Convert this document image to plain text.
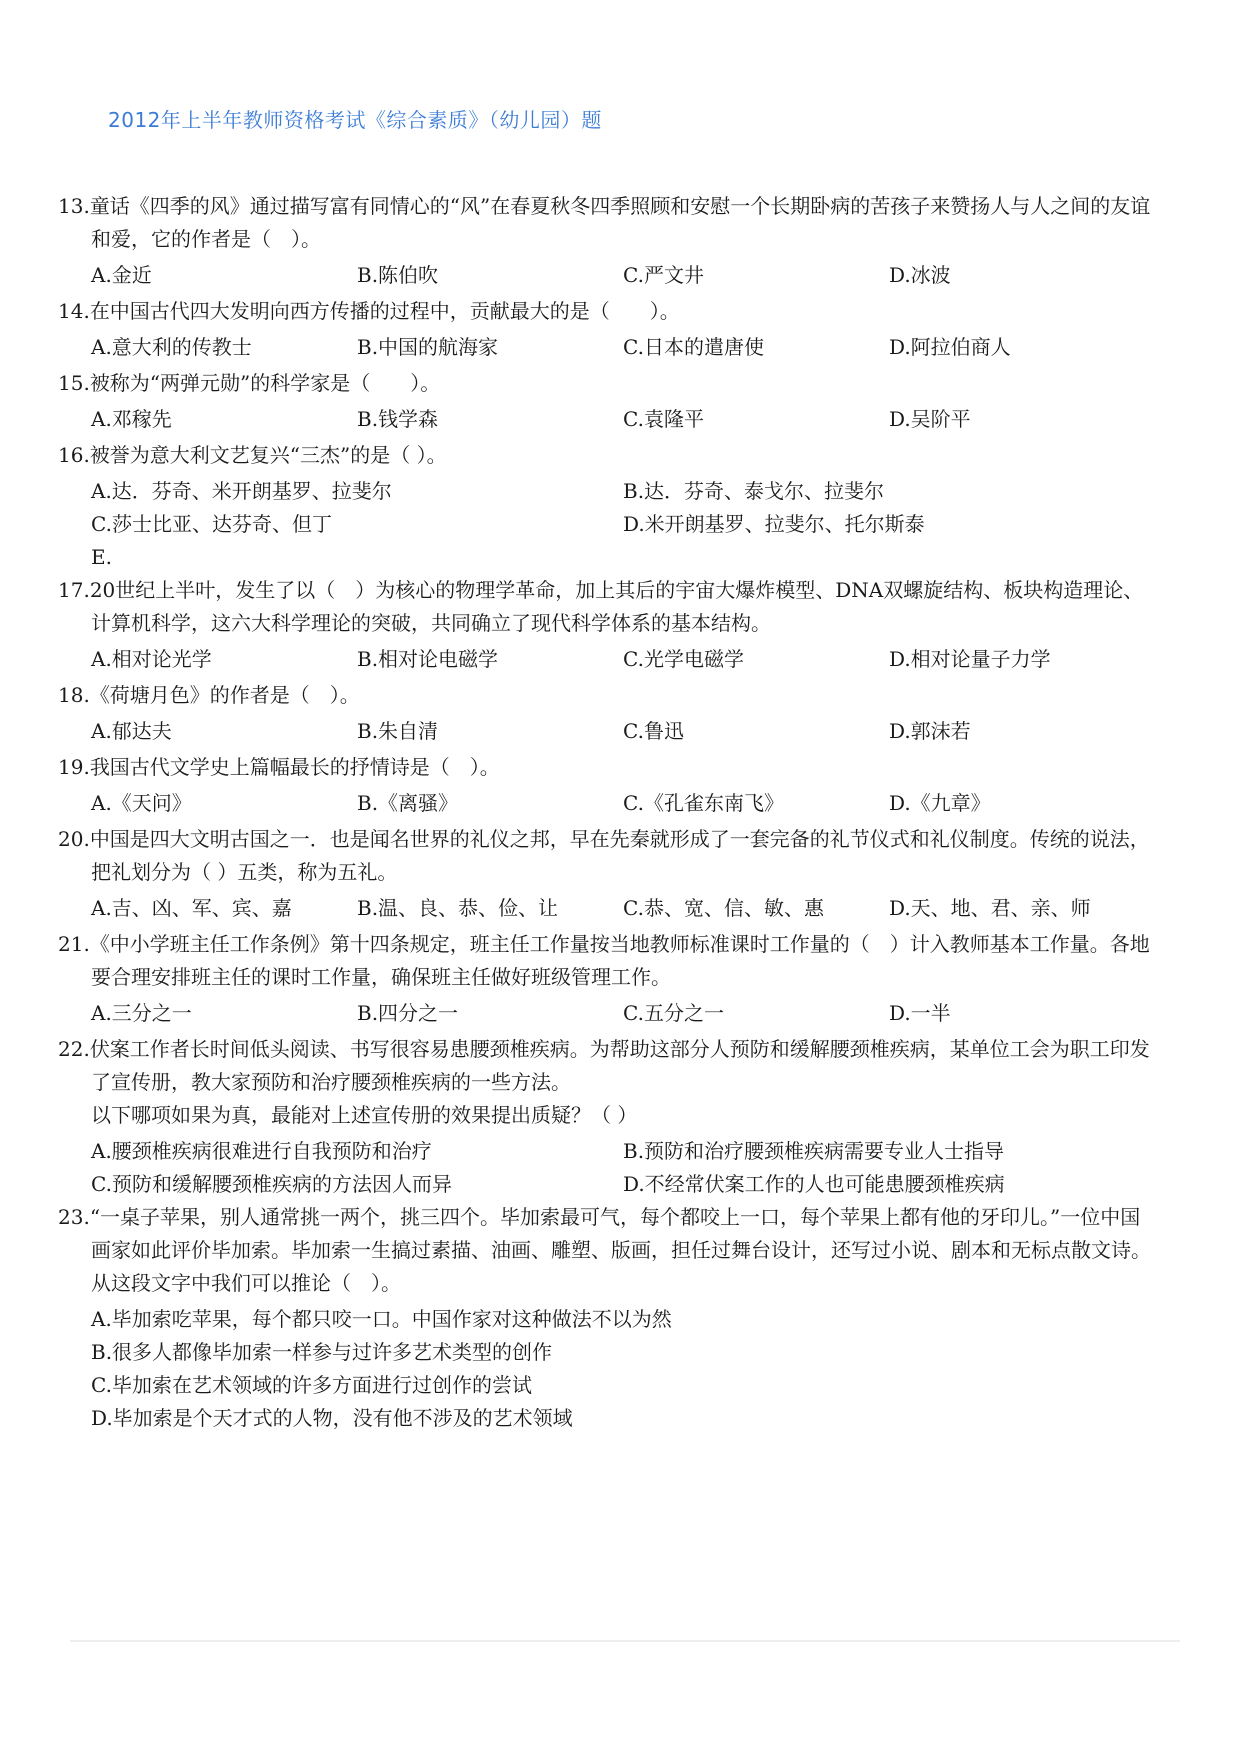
2012年上半年教师资格考试《综合素质》（幼儿园）题
13.童话《四季的风》通过描写富有同情心的“风”在春夏秋冬四季照顾和安慰一个长期卧病的苦孩子来赞扬人与人之间的友谊和爱，它的作者是（　）。
A.金近	B.陈伯吹	C.严文井	D.冰波
14.在中国古代四大发明向西方传播的过程中，贡献最大的是（　　）。
A.意大利的传教士	B.中国的航海家	C.日本的遣唐使	D.阿拉伯商人
15.被称为“两弹元勋”的科学家是（　　）。
A.邓稼先	B.钱学森	C.袁隆平	D.吴阶平
16.被誉为意大利文艺复兴“三杰”的是（ ）。
A.达．芬奇、米开朗基罗、拉斐尔	B.达．芬奇、泰戈尔、拉斐尔
C.莎士比亚、达芬奇、但丁	D.米开朗基罗、拉斐尔、托尔斯泰
E.
17.20世纪上半叶，发生了以（　）为核心的物理学革命，加上其后的宇宙大爆炸模型、DNA双螺旋结构、板块构造理论、计算机科学，这六大科学理论的突破，共同确立了现代科学体系的基本结构。
A.相对论光学	B.相对论电磁学	C.光学电磁学	D.相对论量子力学
18.《荷塘月色》的作者是（　）。
A.郁达夫	B.朱自清	C.鲁迅	D.郭沫若
19.我国古代文学史上篇幅最长的抒情诗是（　）。
A.《天问》	B.《离骚》	C.《孔雀东南飞》	D.《九章》
20.中国是四大文明古国之一．也是闻名世界的礼仪之邦，早在先秦就形成了一套完备的礼节仪式和礼仪制度。传统的说法，把礼划分为（ ）五类，称为五礼。
A.吉、凶、军、宾、嘉	B.温、良、恭、俭、让	C.恭、宽、信、敏、惠	D.天、地、君、亲、师
21.《中小学班主任工作条例》第十四条规定，班主任工作量按当地教师标准课时工作量的（　）计入教师基本工作量。各地要合理安排班主任的课时工作量，确保班主任做好班级管理工作。
A.三分之一	B.四分之一	C.五分之一	D.一半
22.伏案工作者长时间低头阅读、书写很容易患腰颈椎疾病。为帮助这部分人预防和缓解腰颈椎疾病，某单位工会为职工印发了宣传册，教大家预防和治疗腰颈椎疾病的一些方法。
以下哪项如果为真，最能对上述宣传册的效果提出质疑？（ ）
A.腰颈椎疾病很难进行自我预防和治疗	B.预防和治疗腰颈椎疾病需要专业人士指导
C.预防和缓解腰颈椎疾病的方法因人而异	D.不经常伏案工作的人也可能患腰颈椎疾病
23.“一桌子苹果，别人通常挑一两个，挑三四个。毕加索最可气，每个都咬上一口，每个苹果上都有他的牙印儿。”一位中国画家如此评价毕加索。毕加索一生搞过素描、油画、雕塑、版画，担任过舞台设计，还写过小说、剧本和无标点散文诗。
从这段文字中我们可以推论（　）。
A.毕加索吃苹果，每个都只咬一口。中国作家对这种做法不以为然
B.很多人都像毕加索一样参与过许多艺术类型的创作
C.毕加索在艺术领域的许多方面进行过创作的尝试
D.毕加索是个天才式的人物，没有他不涉及的艺术领域
